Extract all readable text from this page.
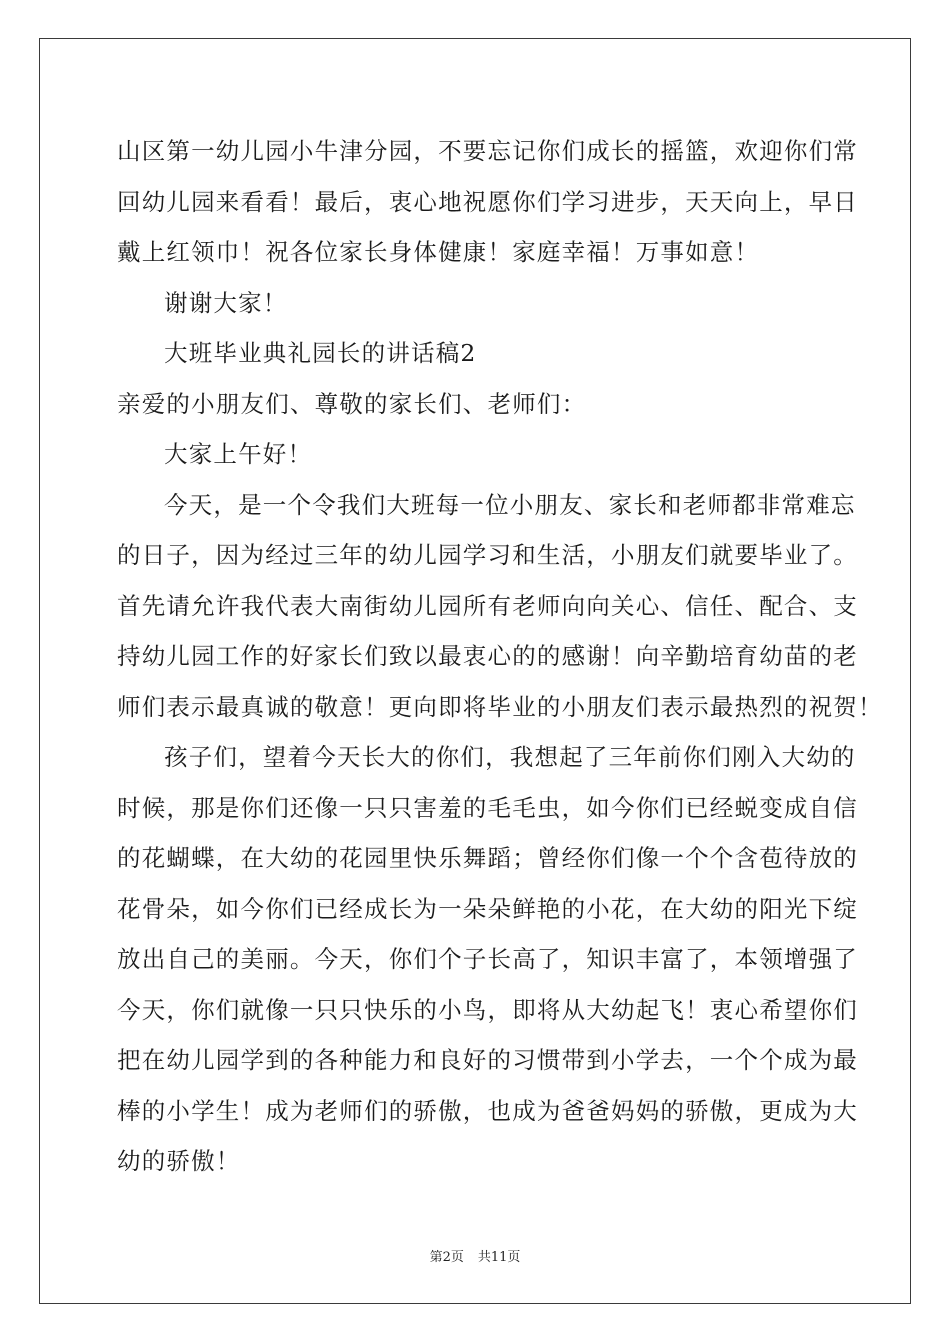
山区第一幼儿园小牛津分园，不要忘记你们成长的摇篮，欢迎你们常
回幼儿园来看看！最后，衷心地祝愿你们学习进步，天天向上，早日
戴上红领巾！祝各位家长身体健康！家庭幸福！万事如意！
谢谢大家！
大班毕业典礼园长的讲话稿2
亲爱的小朋友们、尊敬的家长们、老师们：
大家上午好！
今天，是一个令我们大班每一位小朋友、家长和老师都非常难忘
的日子，因为经过三年的幼儿园学习和生活，小朋友们就要毕业了。
首先请允许我代表大南街幼儿园所有老师向向关心、信任、配合、支
持幼儿园工作的好家长们致以最衷心的的感谢！向辛勤培育幼苗的老
师们表示最真诚的敬意！更向即将毕业的小朋友们表示最热烈的祝贺！
孩子们，望着今天长大的你们，我想起了三年前你们刚入大幼的
时候，那是你们还像一只只害羞的毛毛虫，如今你们已经蜕变成自信
的花蝴蝶，在大幼的花园里快乐舞蹈；曾经你们像一个个含苞待放的
花骨朵，如今你们已经成长为一朵朵鲜艳的小花，在大幼的阳光下绽
放出自己的美丽。今天，你们个子长高了，知识丰富了，本领增强了
今天，你们就像一只只快乐的小鸟，即将从大幼起飞！衷心希望你们
把在幼儿园学到的各种能力和良好的习惯带到小学去，一个个成为最
棒的小学生！成为老师们的骄傲，也成为爸爸妈妈的骄傲，更成为大
幼的骄傲！
第2页 共11页
